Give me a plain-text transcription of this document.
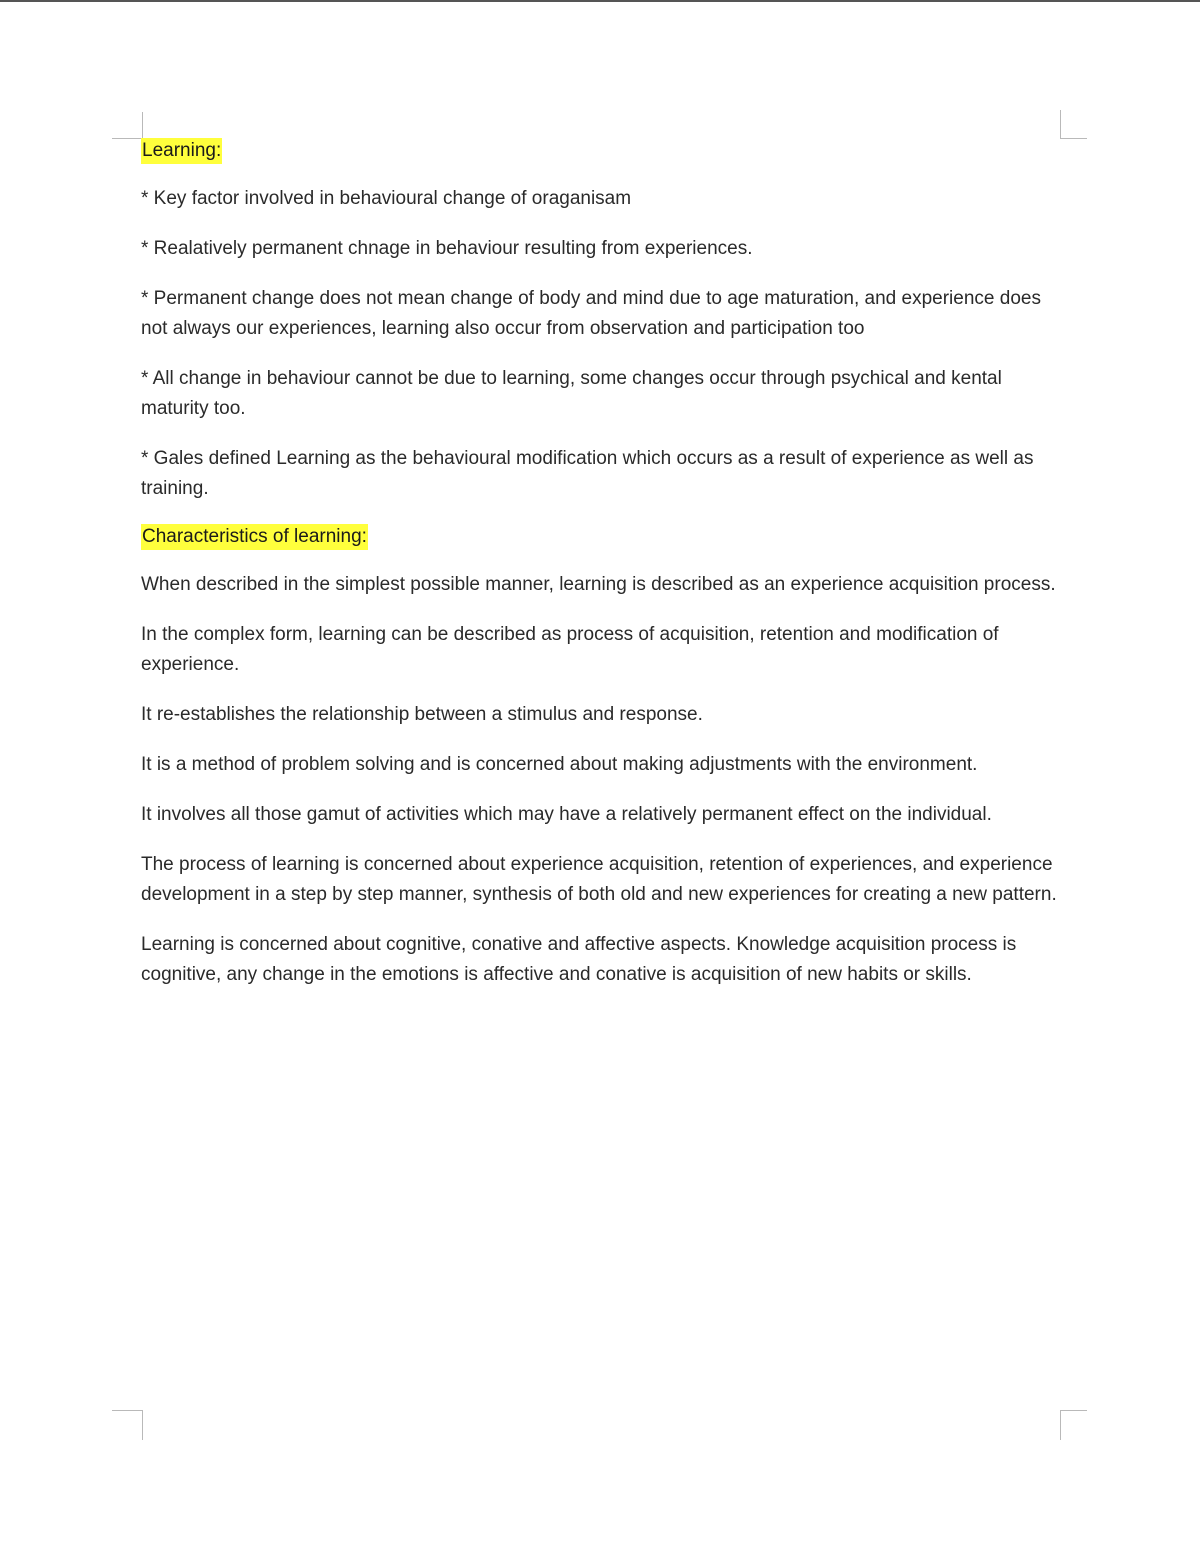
Learning:

* Key factor involved in behavioural change of oraganisam

* Realatively permanent chnage in behaviour resulting from experiences.

* Permanent change does not mean change of body and mind due to age maturation, and experience does not always our experiences, learning also occur from observation and participation too

* All change in behaviour cannot be due to learning, some changes occur through psychical and kental maturity too.

* Gales defined Learning as the behavioural modification which occurs as a result of experience as well as training.

Characteristics of learning:

When described in the simplest possible manner, learning is described as an experience acquisition process.

In the complex form, learning can be described as process of acquisition, retention and modification of experience.

It re-establishes the relationship between a stimulus and response.

It is a method of problem solving and is concerned about making adjustments with the environment.

It involves all those gamut of activities which may have a relatively permanent effect on the individual.

The process of learning is concerned about experience acquisition, retention of experiences, and experience development in a step by step manner, synthesis of both old and new experiences for creating a new pattern.

Learning is concerned about cognitive, conative and affective aspects. Knowledge acquisition process is cognitive, any change in the emotions is affective and conative is acquisition of new habits or skills.
